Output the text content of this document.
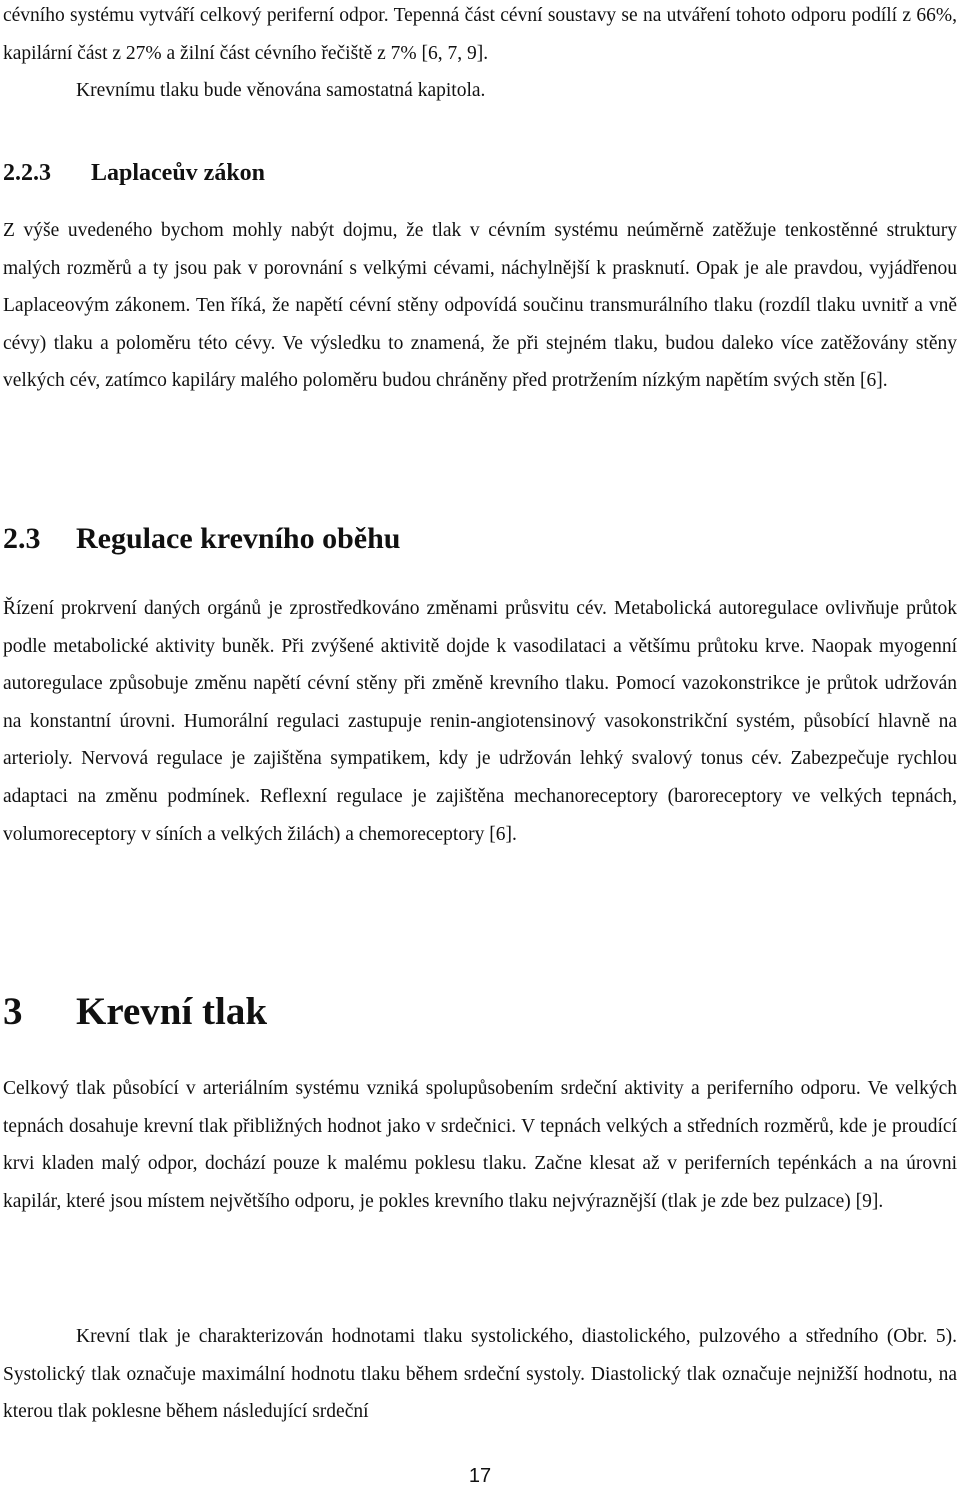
cévního systému vytváří celkový periferní odpor. Tepenná část cévní soustavy se na utváření tohoto odporu podílí z 66%, kapilární část z 27% a žilní část cévního řečiště z 7% [6, 7, 9].

Krevnímu tlaku bude věnována samostatná kapitola.

2.2.3 Laplaceův zákon

Z výše uvedeného bychom mohly nabýt dojmu, že tlak v cévním systému neúměrně zatěžuje tenkostěnné struktury malých rozměrů a ty jsou pak v porovnání s velkými cévami, náchylnější k prasknutí. Opak je ale pravdou, vyjádřenou Laplaceovým zákonem. Ten říká, že napětí cévní stěny odpovídá součinu transmurálního tlaku (rozdíl tlaku uvnitř a vně cévy) tlaku a poloměru této cévy. Ve výsledku to znamená, že při stejném tlaku, budou daleko více zatěžovány stěny velkých cév, zatímco kapiláry malého poloměru budou chráněny před protržením nízkým napětím svých stěn [6].

2.3 Regulace krevního oběhu

Řízení prokrvení daných orgánů je zprostředkováno změnami průsvitu cév. Metabolická autoregulace ovlivňuje průtok podle metabolické aktivity buněk. Při zvýšené aktivitě dojde k vasodilataci a většímu průtoku krve. Naopak myogenní autoregulace způsobuje změnu napětí cévní stěny při změně krevního tlaku. Pomocí vazokonstrikce je průtok udržován na konstantní úrovni. Humorální regulaci zastupuje renin-angiotensinový vasokonstrikční systém, působící hlavně na arterioly. Nervová regulace je zajištěna sympatikem, kdy je udržován lehký svalový tonus cév. Zabezpečuje rychlou adaptaci na změnu podmínek. Reflexní regulace je zajištěna mechanoreceptory (baroreceptory ve velkých tepnách, volumoreceptory v síních a velkých žilách) a chemoreceptory [6].

3 Krevní tlak

Celkový tlak působící v arteriálním systému vzniká spolupůsobením srdeční aktivity a periferního odporu. Ve velkých tepnách dosahuje krevní tlak přibližných hodnot jako v srdečnici. V tepnách velkých a středních rozměrů, kde je proudící krvi kladen malý odpor, dochází pouze k malému poklesu tlaku. Začne klesat až v periferních tepénkách a na úrovni kapilár, které jsou místem největšího odporu, je pokles krevního tlaku nejvýraznější (tlak je zde bez pulzace) [9].

Krevní tlak je charakterizován hodnotami tlaku systolického, diastolického, pulzového a středního (Obr. 5). Systolický tlak označuje maximální hodnotu tlaku během srdeční systoly. Diastolický tlak označuje nejnižší hodnotu, na kterou tlak poklesne během následující srdeční

17
